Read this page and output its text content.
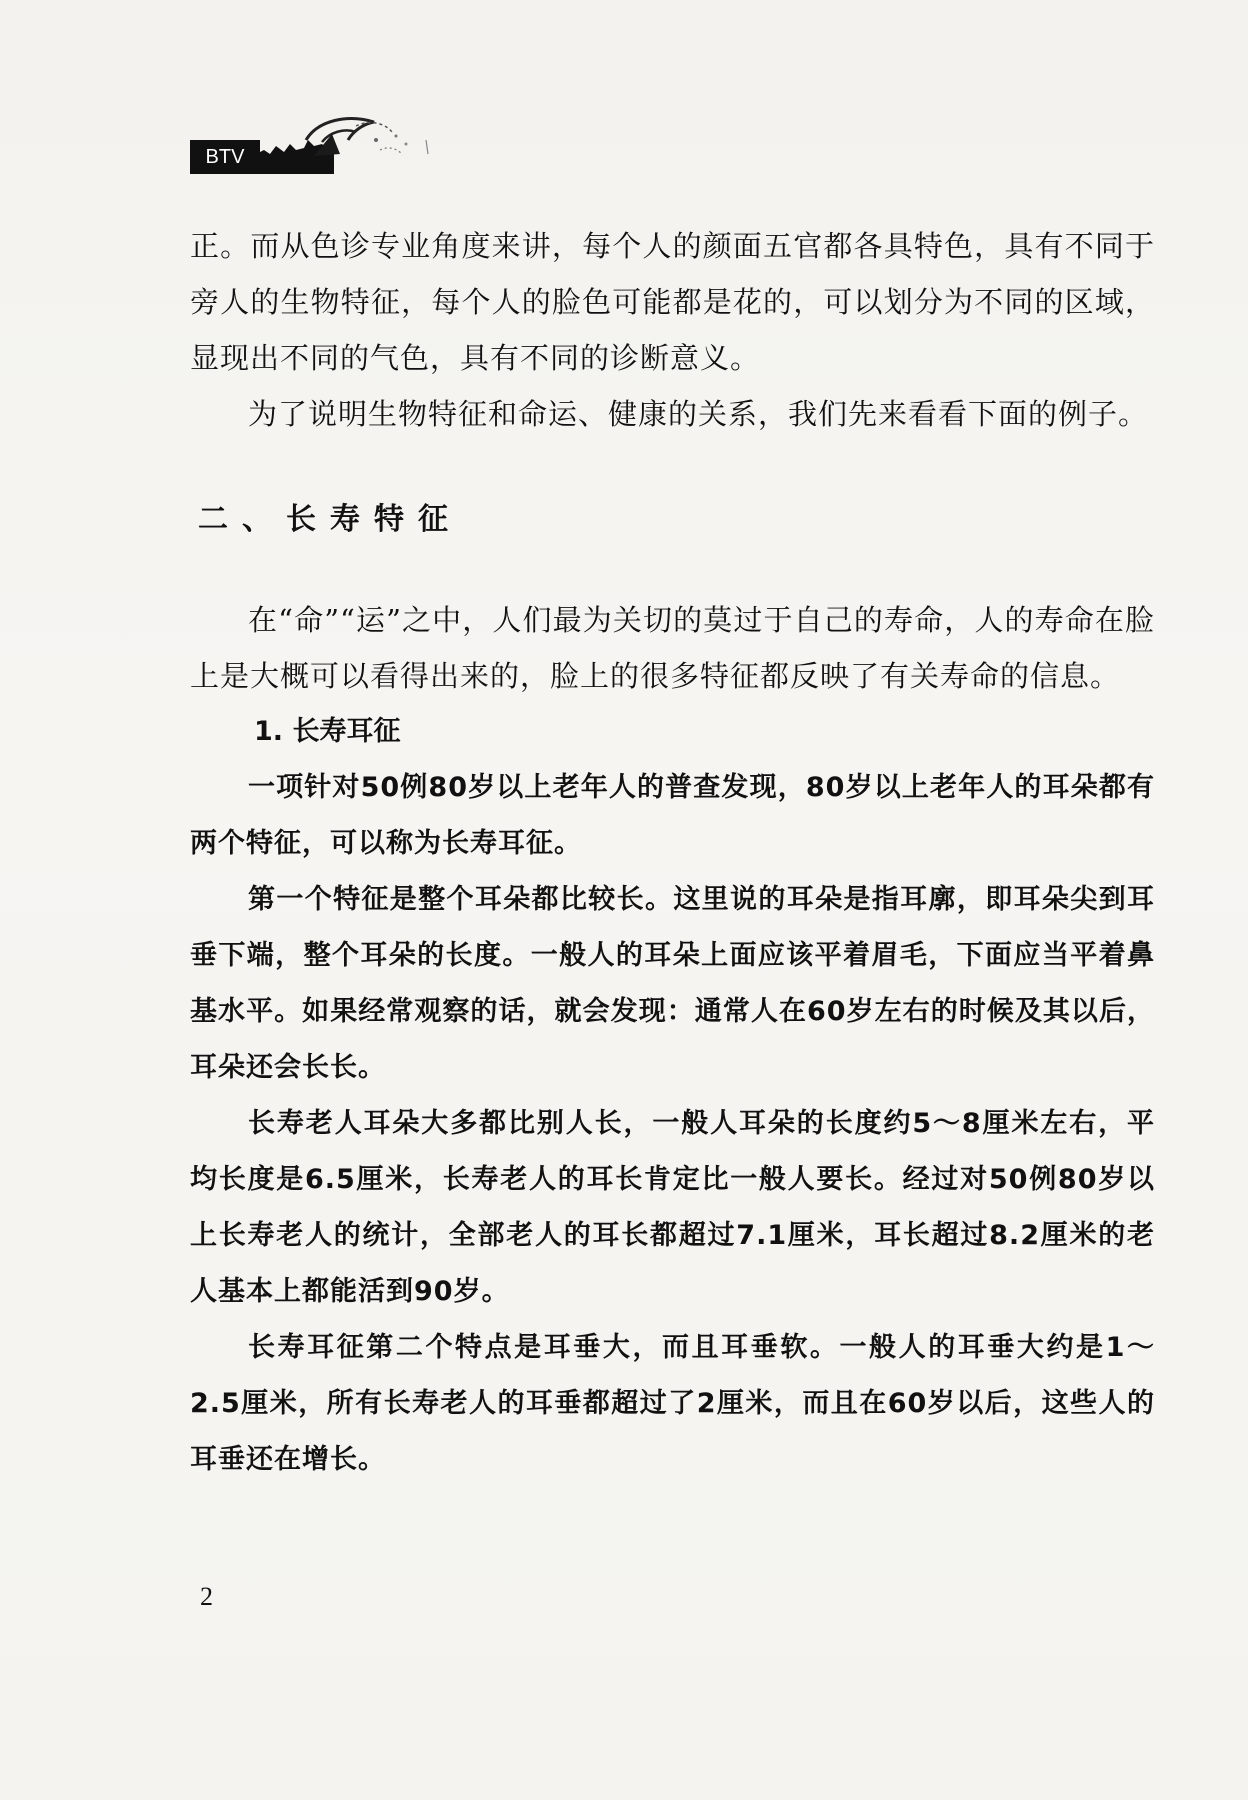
BTV

正。而从色诊专业角度来讲，每个人的颜面五官都各具特色，具有不同于旁人的生物特征，每个人的脸色可能都是花的，可以划分为不同的区域，显现出不同的气色，具有不同的诊断意义。

为了说明生物特征和命运、健康的关系，我们先来看看下面的例子。

二、长寿特征

在“命”“运”之中，人们最为关切的莫过于自己的寿命，人的寿命在脸上是大概可以看得出来的，脸上的很多特征都反映了有关寿命的信息。

1. 长寿耳征

一项针对50例80岁以上老年人的普查发现，80岁以上老年人的耳朵都有两个特征，可以称为长寿耳征。

第一个特征是整个耳朵都比较长。这里说的耳朵是指耳廓，即耳朵尖到耳垂下端，整个耳朵的长度。一般人的耳朵上面应该平着眉毛，下面应当平着鼻基水平。如果经常观察的话，就会发现：通常人在60岁左右的时候及其以后，耳朵还会长长。

长寿老人耳朵大多都比别人长，一般人耳朵的长度约5～8厘米左右，平均长度是6.5厘米，长寿老人的耳长肯定比一般人要长。经过对50例80岁以上长寿老人的统计，全部老人的耳长都超过7.1厘米，耳长超过8.2厘米的老人基本上都能活到90岁。

长寿耳征第二个特点是耳垂大，而且耳垂软。一般人的耳垂大约是1～2.5厘米，所有长寿老人的耳垂都超过了2厘米，而且在60岁以后，这些人的耳垂还在增长。

2
